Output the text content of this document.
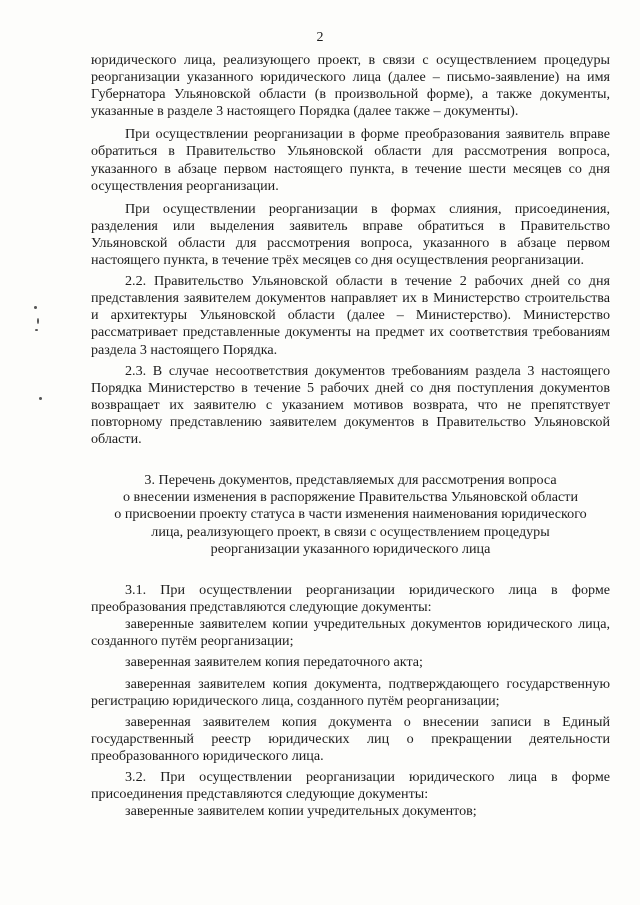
2

юридического лица, реализующего проект, в связи с осуществлением процедуры реорганизации указанного юридического лица (далее – письмо-заявление) на имя Губернатора Ульяновской области (в произвольной форме), а также документы, указанные в разделе 3 настоящего Порядка (далее также – документы).

При осуществлении реорганизации в форме преобразования заявитель вправе обратиться в Правительство Ульяновской области для рассмотрения вопроса, указанного в абзаце первом настоящего пункта, в течение шести месяцев со дня осуществления реорганизации.

При осуществлении реорганизации в формах слияния, присоединения, разделения или выделения заявитель вправе обратиться в Правительство Ульяновской области для рассмотрения вопроса, указанного в абзаце первом настоящего пункта, в течение трёх месяцев со дня осуществления реорганизации.

2.2. Правительство Ульяновской области в течение 2 рабочих дней со дня представления заявителем документов направляет их в Министерство строительства и архитектуры Ульяновской области (далее – Министерство). Министерство рассматривает представленные документы на предмет их соответствия требованиям раздела 3 настоящего Порядка.

2.3. В случае несоответствия документов требованиям раздела 3 настоящего Порядка Министерство в течение 5 рабочих дней со дня поступления документов возвращает их заявителю с указанием мотивов возврата, что не препятствует повторному представлению заявителем документов в Правительство Ульяновской области.

3. Перечень документов, представляемых для рассмотрения вопроса
о внесении изменения в распоряжение Правительства Ульяновской области
о присвоении проекту статуса в части изменения наименования юридического
лица, реализующего проект, в связи с осуществлением процедуры
реорганизации указанного юридического лица

3.1. При осуществлении реорганизации юридического лица в форме преобразования представляются следующие документы:

заверенные заявителем копии учредительных документов юридического лица, созданного путём реорганизации;

заверенная заявителем копия передаточного акта;

заверенная заявителем копия документа, подтверждающего государственную регистрацию юридического лица, созданного путём реорганизации;

заверенная заявителем копия документа о внесении записи в Единый государственный реестр юридических лиц о прекращении деятельности преобразованного юридического лица.

3.2. При осуществлении реорганизации юридического лица в форме присоединения представляются следующие документы:

заверенные заявителем копии учредительных документов;
